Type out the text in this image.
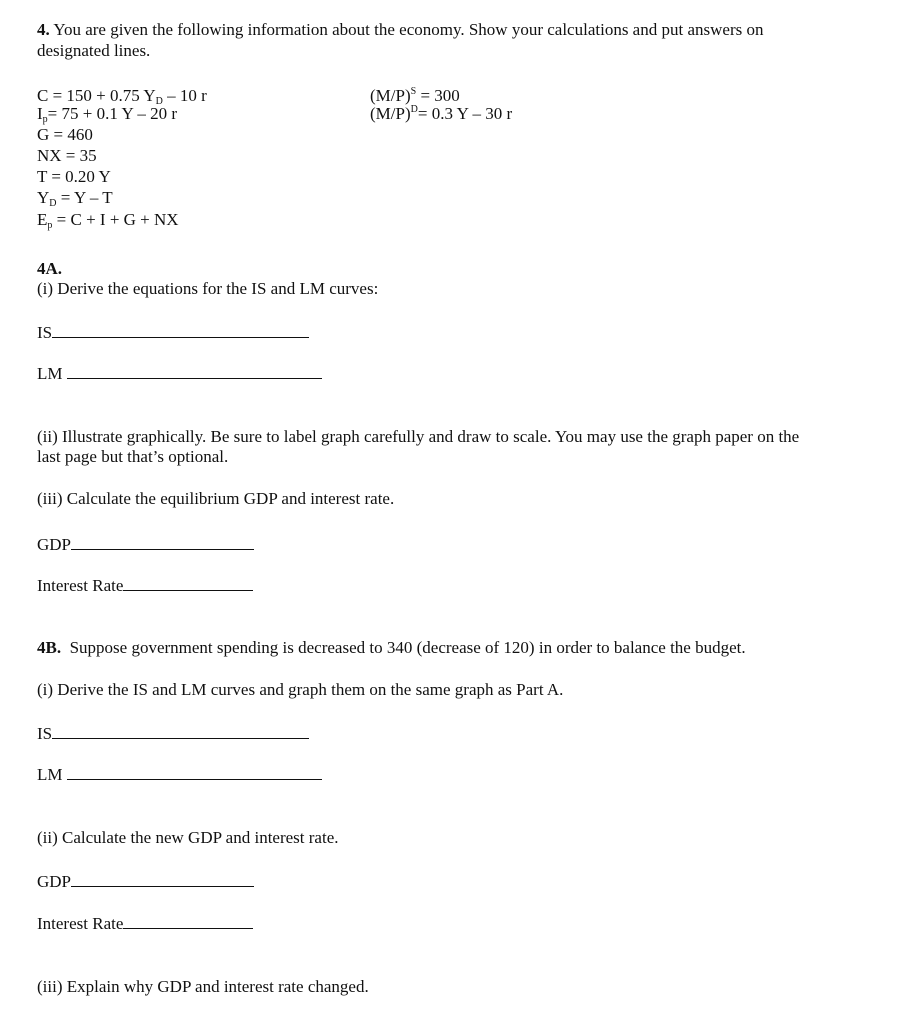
4. You are given the following information about the economy. Show your calculations and put answers on
designated lines.
C = 150 + 0.75 $Y_D - 10$ r
$I_p= 75 + 0.1$ Y – 20 r
G = 460
NX = 35
T = 0.20 Y
$Y_D = Y - T$
$E_p = C + I + G$ + NX
$(M/P)^S = 300$
$(M/P)^D= 0.3$ Y – 30 r
4A.
(i) Derive the equations for the IS and LM curves:
IS
LM
(ii) Illustrate graphically. Be sure to label graph carefully and draw to scale. You may use the graph paper on the
last page but that’s optional.
(iii) Calculate the equilibrium GDP and interest rate.
GDP
Interest Rate
4B. Suppose government spending is decreased to 340 (decrease of 120) in order to balance the budget.
(i) Derive the IS and LM curves and graph them on the same graph as Part A.
IS
LM
(ii) Calculate the new GDP and interest rate.
GDP
Interest Rate
(iii) Explain why GDP and interest rate changed.
